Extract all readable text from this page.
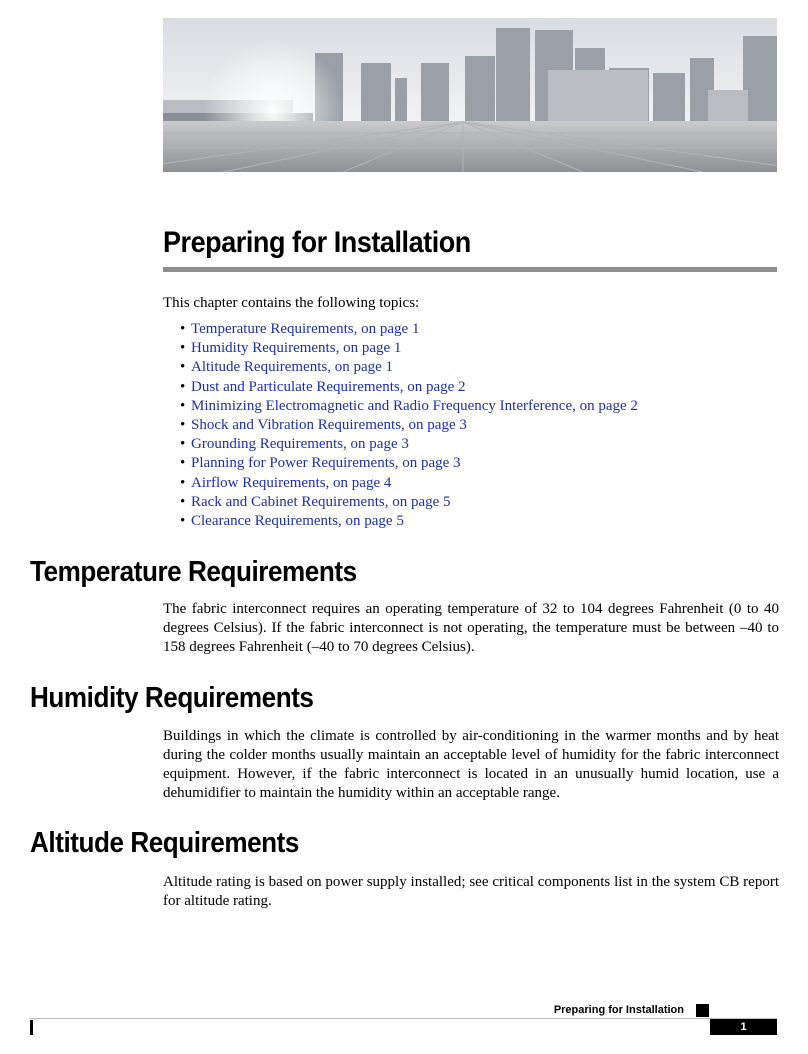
Preparing for Installation

This chapter contains the following topics:

• Temperature Requirements, on page 1
• Humidity Requirements, on page 1
• Altitude Requirements, on page 1
• Dust and Particulate Requirements, on page 2
• Minimizing Electromagnetic and Radio Frequency Interference, on page 2
• Shock and Vibration Requirements, on page 3
• Grounding Requirements, on page 3
• Planning for Power Requirements, on page 3
• Airflow Requirements, on page 4
• Rack and Cabinet Requirements, on page 5
• Clearance Requirements, on page 5
Temperature Requirements

The fabric interconnect requires an operating temperature of 32 to 104 degrees Fahrenheit (0 to 40 degrees Celsius). If the fabric interconnect is not operating, the temperature must be between –40 to 158 degrees Fahrenheit (–40 to 70 degrees Celsius).

Humidity Requirements

Buildings in which the climate is controlled by air-conditioning in the warmer months and by heat during the colder months usually maintain an acceptable level of humidity for the fabric interconnect equipment. However, if the fabric interconnect is located in an unusually humid location, use a dehumidifier to maintain the humidity within an acceptable range.

Altitude Requirements

Altitude rating is based on power supply installed; see critical components list in the system CB report for altitude rating.

Preparing for Installation
1
